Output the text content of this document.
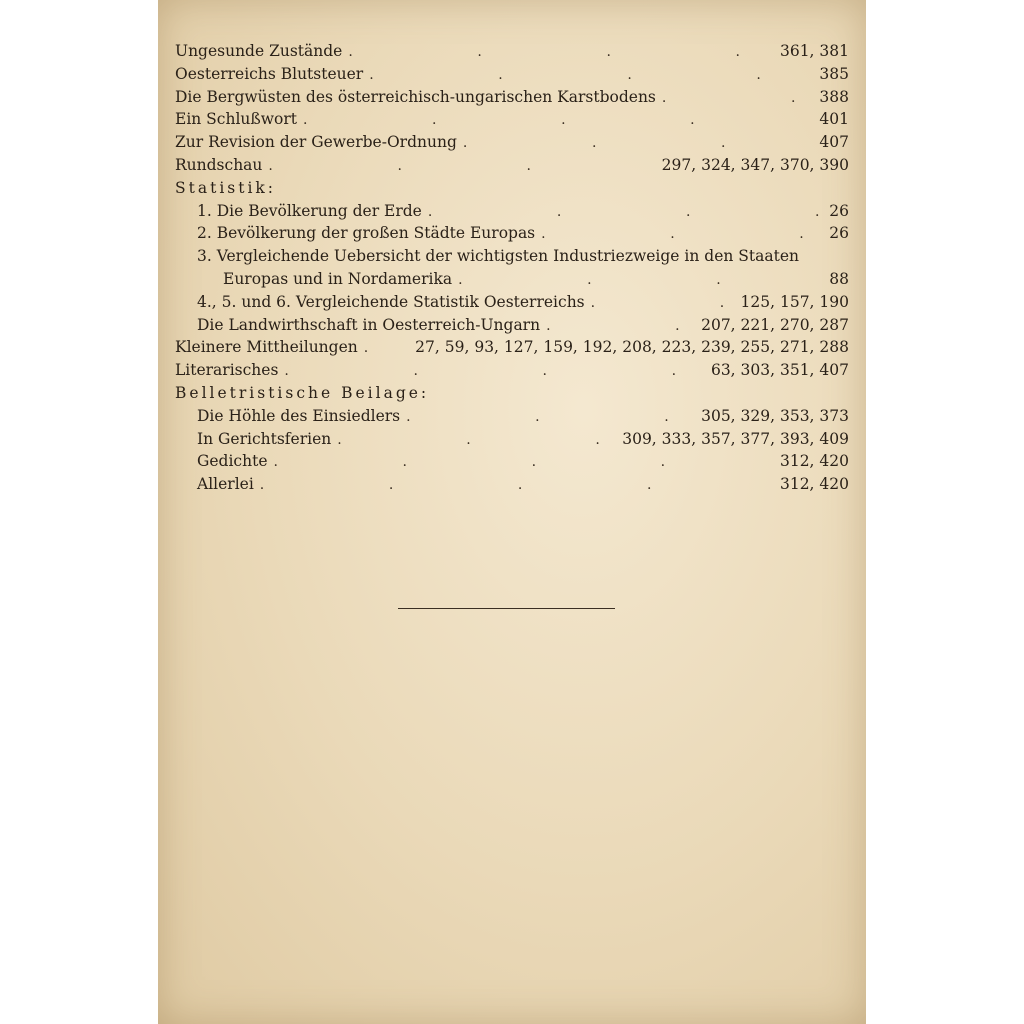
Ungesunde Zustände .	361, 381
Oesterreichs Blutsteuer .	385
Die Bergwüsten des österreichisch-ungarischen Karstbodens .	388
Ein Schlußwort .	401
Zur Revision der Gewerbe-Ordnung .	407
Rundschau .	297, 324, 347, 370, 390
Statistik:
1. Die Bevölkerung der Erde .	26
2. Bevölkerung der großen Städte Europas .	26
3. Vergleichende Uebersicht der wichtigsten Industriezweige in den Staaten
Europas und in Nordamerika .	88
4., 5. und 6. Vergleichende Statistik Oesterreichs .	125, 157, 190
Die Landwirthschaft in Oesterreich-Ungarn .	207, 221, 270, 287
Kleinere Mittheilungen .	27, 59, 93, 127, 159, 192, 208, 223, 239, 255, 271, 288
Literarisches .	63, 303, 351, 407
Belletristische Beilage:
Die Höhle des Einsiedlers .	305, 329, 353, 373
In Gerichtsferien .	309, 333, 357, 377, 393, 409
Gedichte .	312, 420
Allerlei .	312, 420
